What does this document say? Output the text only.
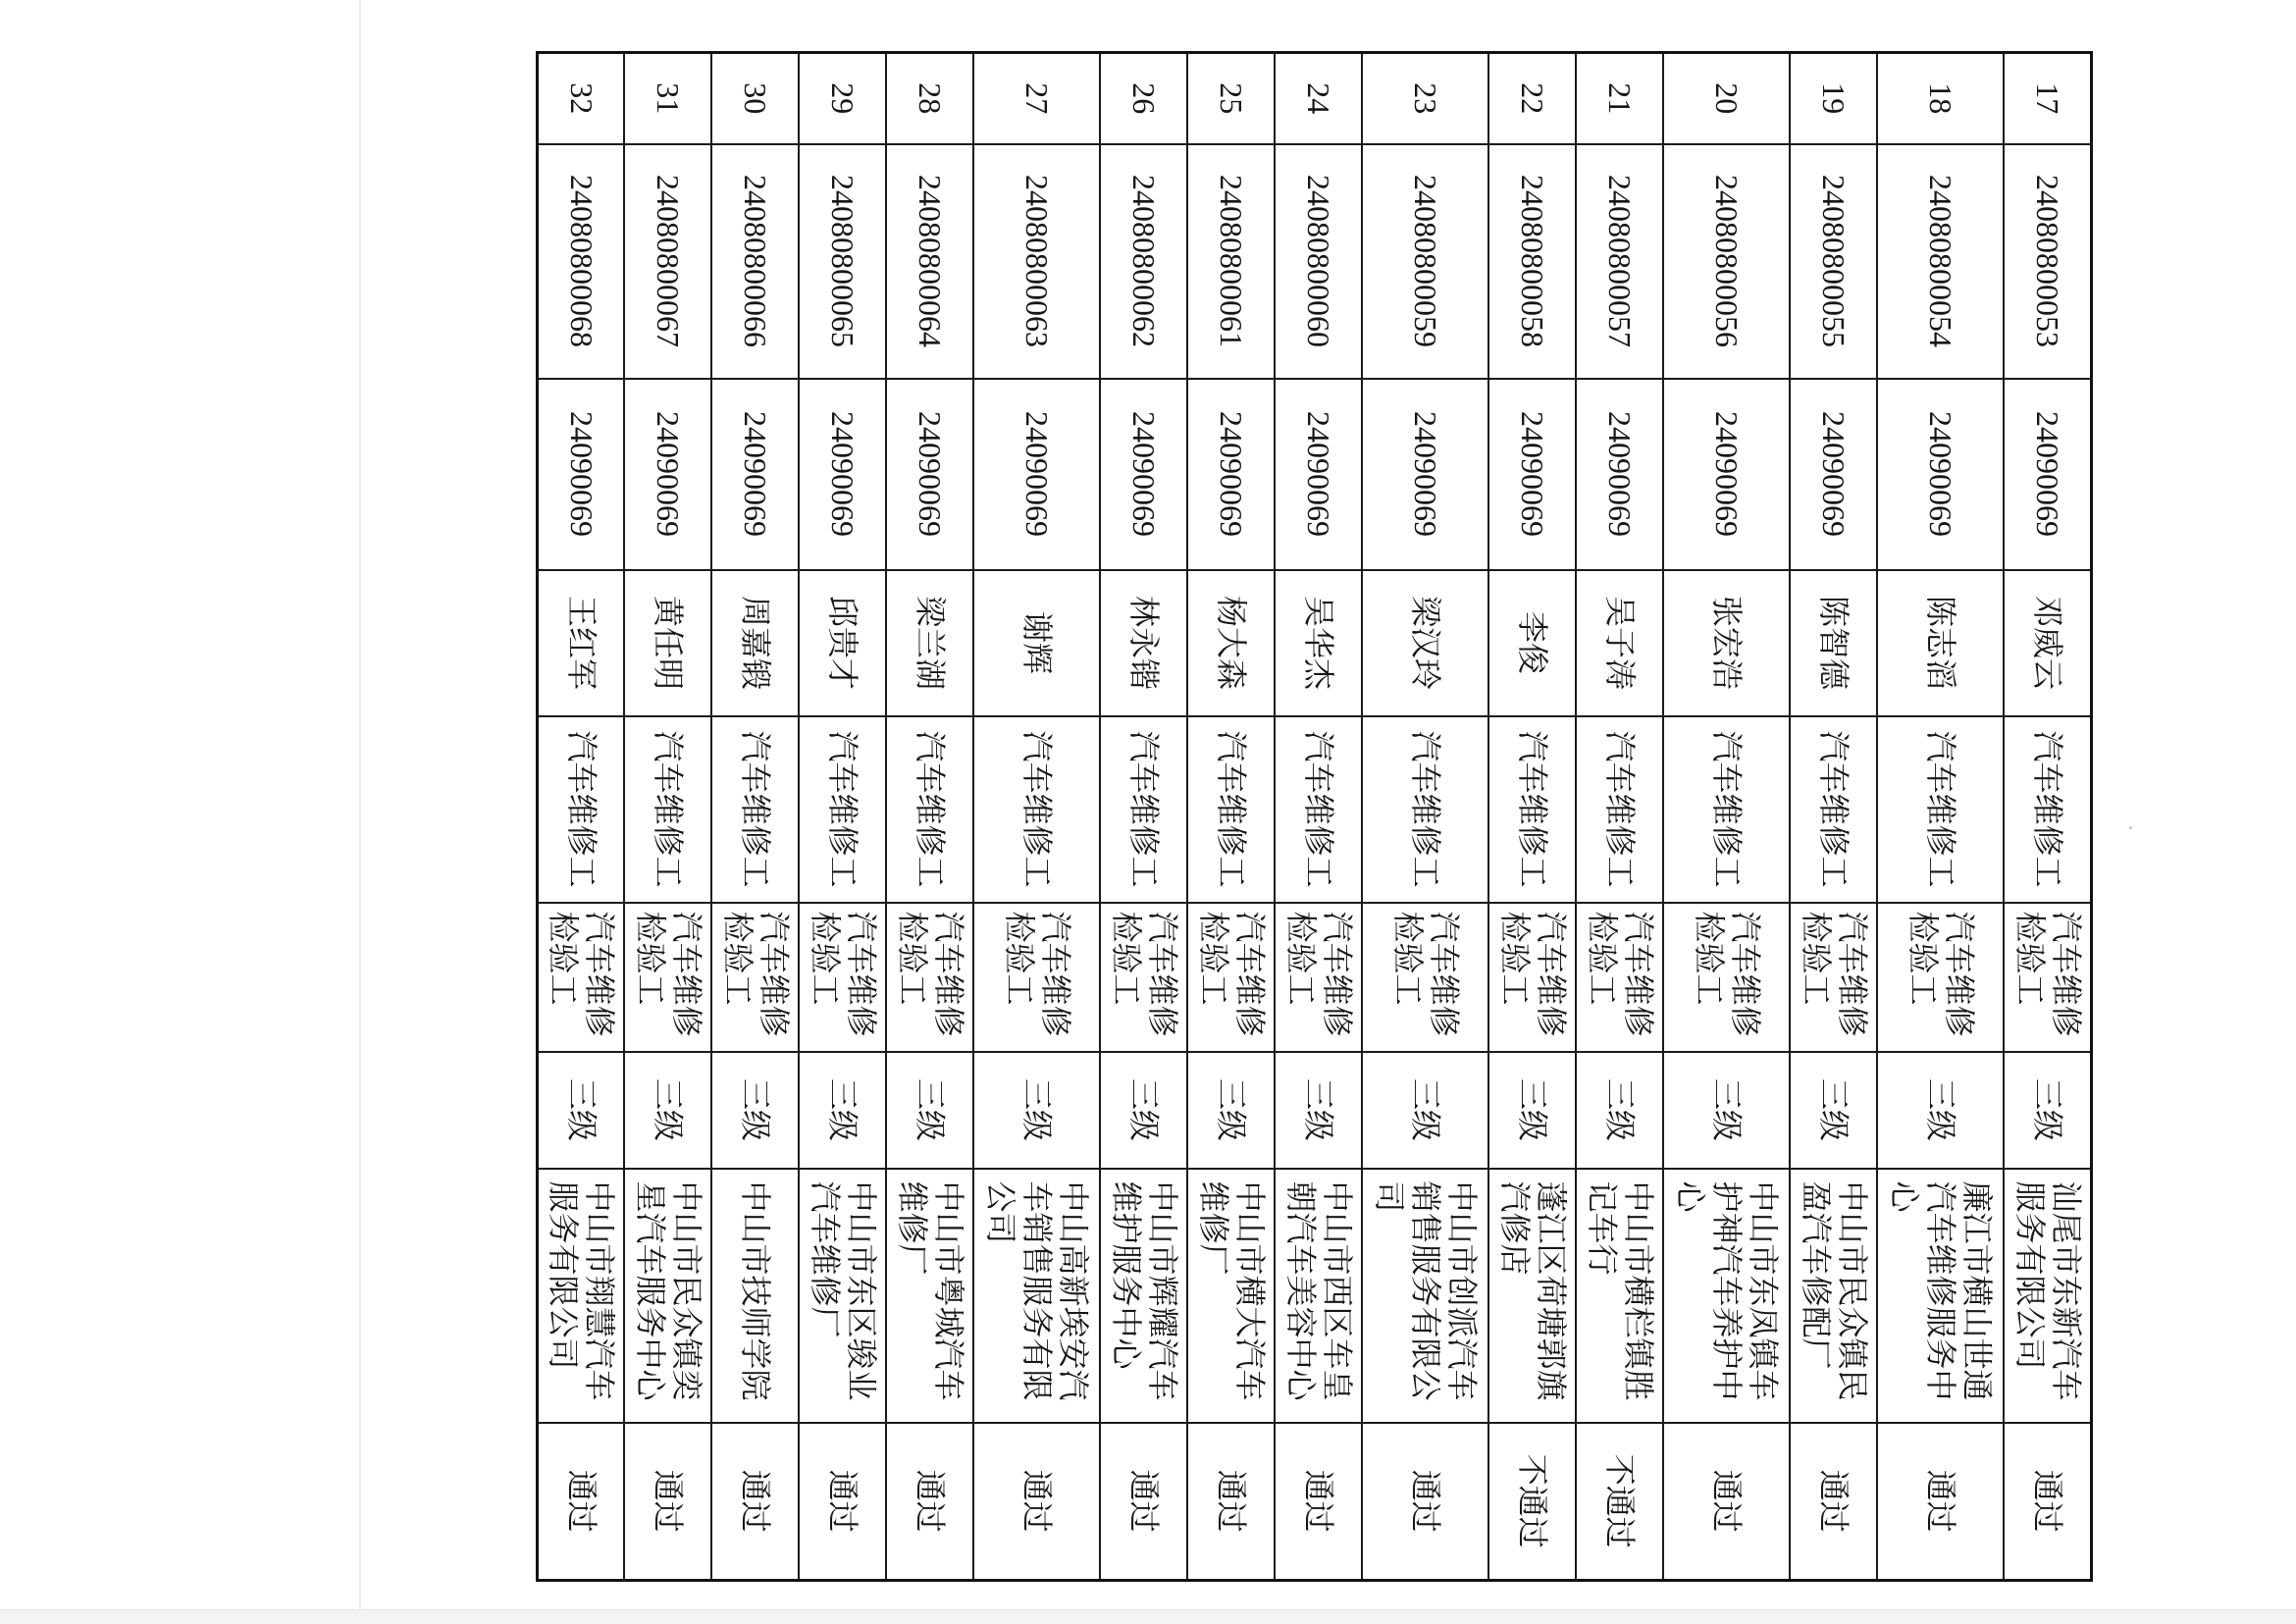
17	24080800053	24090069	邓威云	汽车维修工	汽车维修
检验工	三级	汕尾市东新汽车
服务有限公司	通过
18	24080800054	24090069	陈志滔	汽车维修工	汽车维修
检验工	三级	廉江市横山世通
汽车维修服务中
心	通过
19	24080800055	24090069	陈智德	汽车维修工	汽车维修
检验工	三级	中山市民众镇民
盈汽车修配厂	通过
20	24080800056	24090069	张宏浩	汽车维修工	汽车维修
检验工	三级	中山市东凤镇车
护神汽车养护中
心	通过
21	24080800057	24090069	吴子涛	汽车维修工	汽车维修
检验工	三级	中山市横栏镇胜
记车行	不通过
22	24080800058	24090069	李俊	汽车维修工	汽车维修
检验工	三级	蓬江区荷塘郭旗
汽修店	不通过
23	24080800059	24090069	梁汉玲	汽车维修工	汽车维修
检验工	三级	中山市创派汽车
销售服务有限公
司	通过
24	24080800060	24090069	吴华杰	汽车维修工	汽车维修
检验工	三级	中山市西区车皇
朝汽车美容中心	通过
25	24080800061	24090069	杨大森	汽车维修工	汽车维修
检验工	三级	中山市横大汽车
维修厂	通过
26	24080800062	24090069	林永锴	汽车维修工	汽车维修
检验工	三级	中山市辉耀汽车
维护服务中心	通过
27	24080800063	24090069	谢辉	汽车维修工	汽车维修
检验工	三级	中山高新埃安汽
车销售服务有限
公司	通过
28	24080800064	24090069	梁兰湖	汽车维修工	汽车维修
检验工	三级	中山市粤城汽车
维修厂	通过
29	24080800065	24090069	邱贵才	汽车维修工	汽车维修
检验工	三级	中山市东区骏业
汽车维修厂	通过
30	24080800066	24090069	周嘉锻	汽车维修工	汽车维修
检验工	三级	中山市技师学院	通过
31	24080800067	24090069	黄任明	汽车维修工	汽车维修
检验工	三级	中山市民众镇奕
星汽车服务中心	通过
32	24080800068	24090069	王红军	汽车维修工	汽车维修
检验工	三级	中山市翔慧汽车
服务有限公司	通过
